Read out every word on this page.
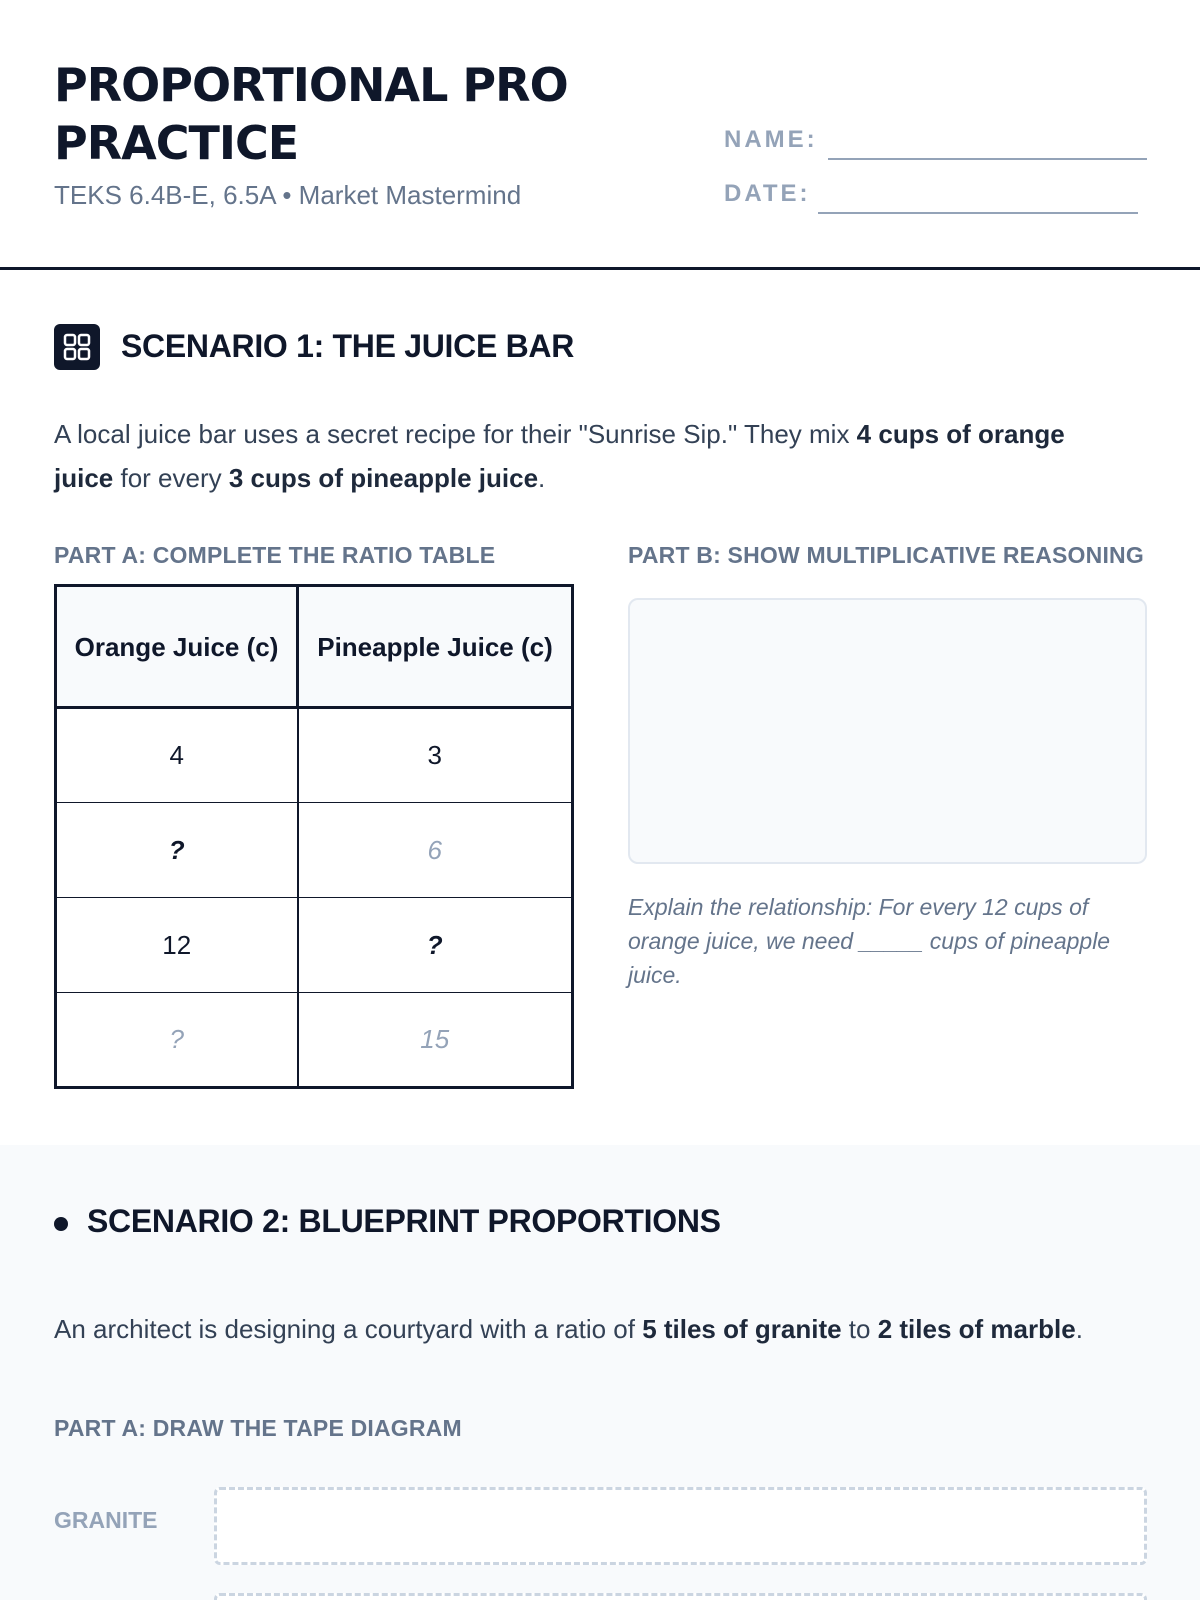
PROPORTIONAL PRO
PRACTICE
TEKS 6.4B-E, 6.5A • Market Mastermind
NAME:
DATE:
SCENARIO 1: THE JUICE BAR
A local juice bar uses a secret recipe for their "Sunrise Sip." They mix 4 cups of orange juice for every 3 cups of pineapple juice.
PART A: COMPLETE THE RATIO TABLE	PART B: SHOW MULTIPLICATIVE REASONING
Orange Juice (c)	Pineapple Juice (c)
4	3
?	6
12	?
?	15
Explain the relationship: For every 12 cups of orange juice, we need _____ cups of pineapple juice.
SCENARIO 2: BLUEPRINT PROPORTIONS
An architect is designing a courtyard with a ratio of 5 tiles of granite to 2 tiles of marble.
PART A: DRAW THE TAPE DIAGRAM
GRANITE
